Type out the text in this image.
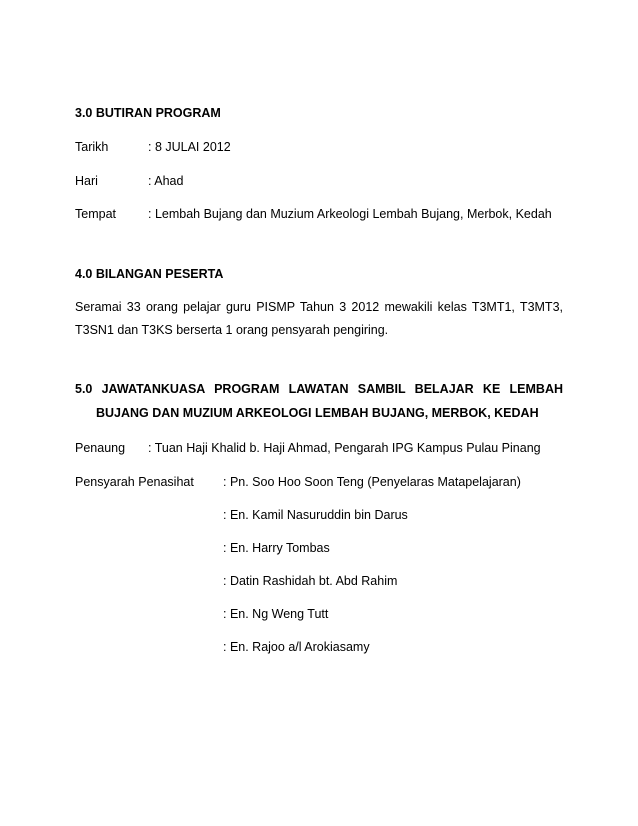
3.0 BUTIRAN PROGRAM
Tarikh	: 8 JULAI 2012
Hari	: Ahad
Tempat	: Lembah Bujang dan Muzium Arkeologi Lembah Bujang, Merbok, Kedah
4.0 BILANGAN PESERTA
Seramai 33 orang pelajar guru PISMP Tahun 3 2012 mewakili kelas T3MT1, T3MT3,
T3SN1 dan T3KS berserta 1 orang pensyarah pengiring.
5.0 JAWATANKUASA PROGRAM LAWATAN SAMBIL BELAJAR KE LEMBAH
BUJANG DAN MUZIUM ARKEOLOGI LEMBAH BUJANG, MERBOK, KEDAH
Penaung : Tuan Haji Khalid b. Haji Ahmad, Pengarah IPG Kampus Pulau Pinang
Pensyarah Penasihat : Pn. Soo Hoo Soon Teng (Penyelaras Matapelajaran)
: En. Kamil Nasuruddin bin Darus
: En. Harry Tombas
: Datin Rashidah bt. Abd Rahim
: En. Ng Weng Tutt
: En. Rajoo a/l Arokiasamy
